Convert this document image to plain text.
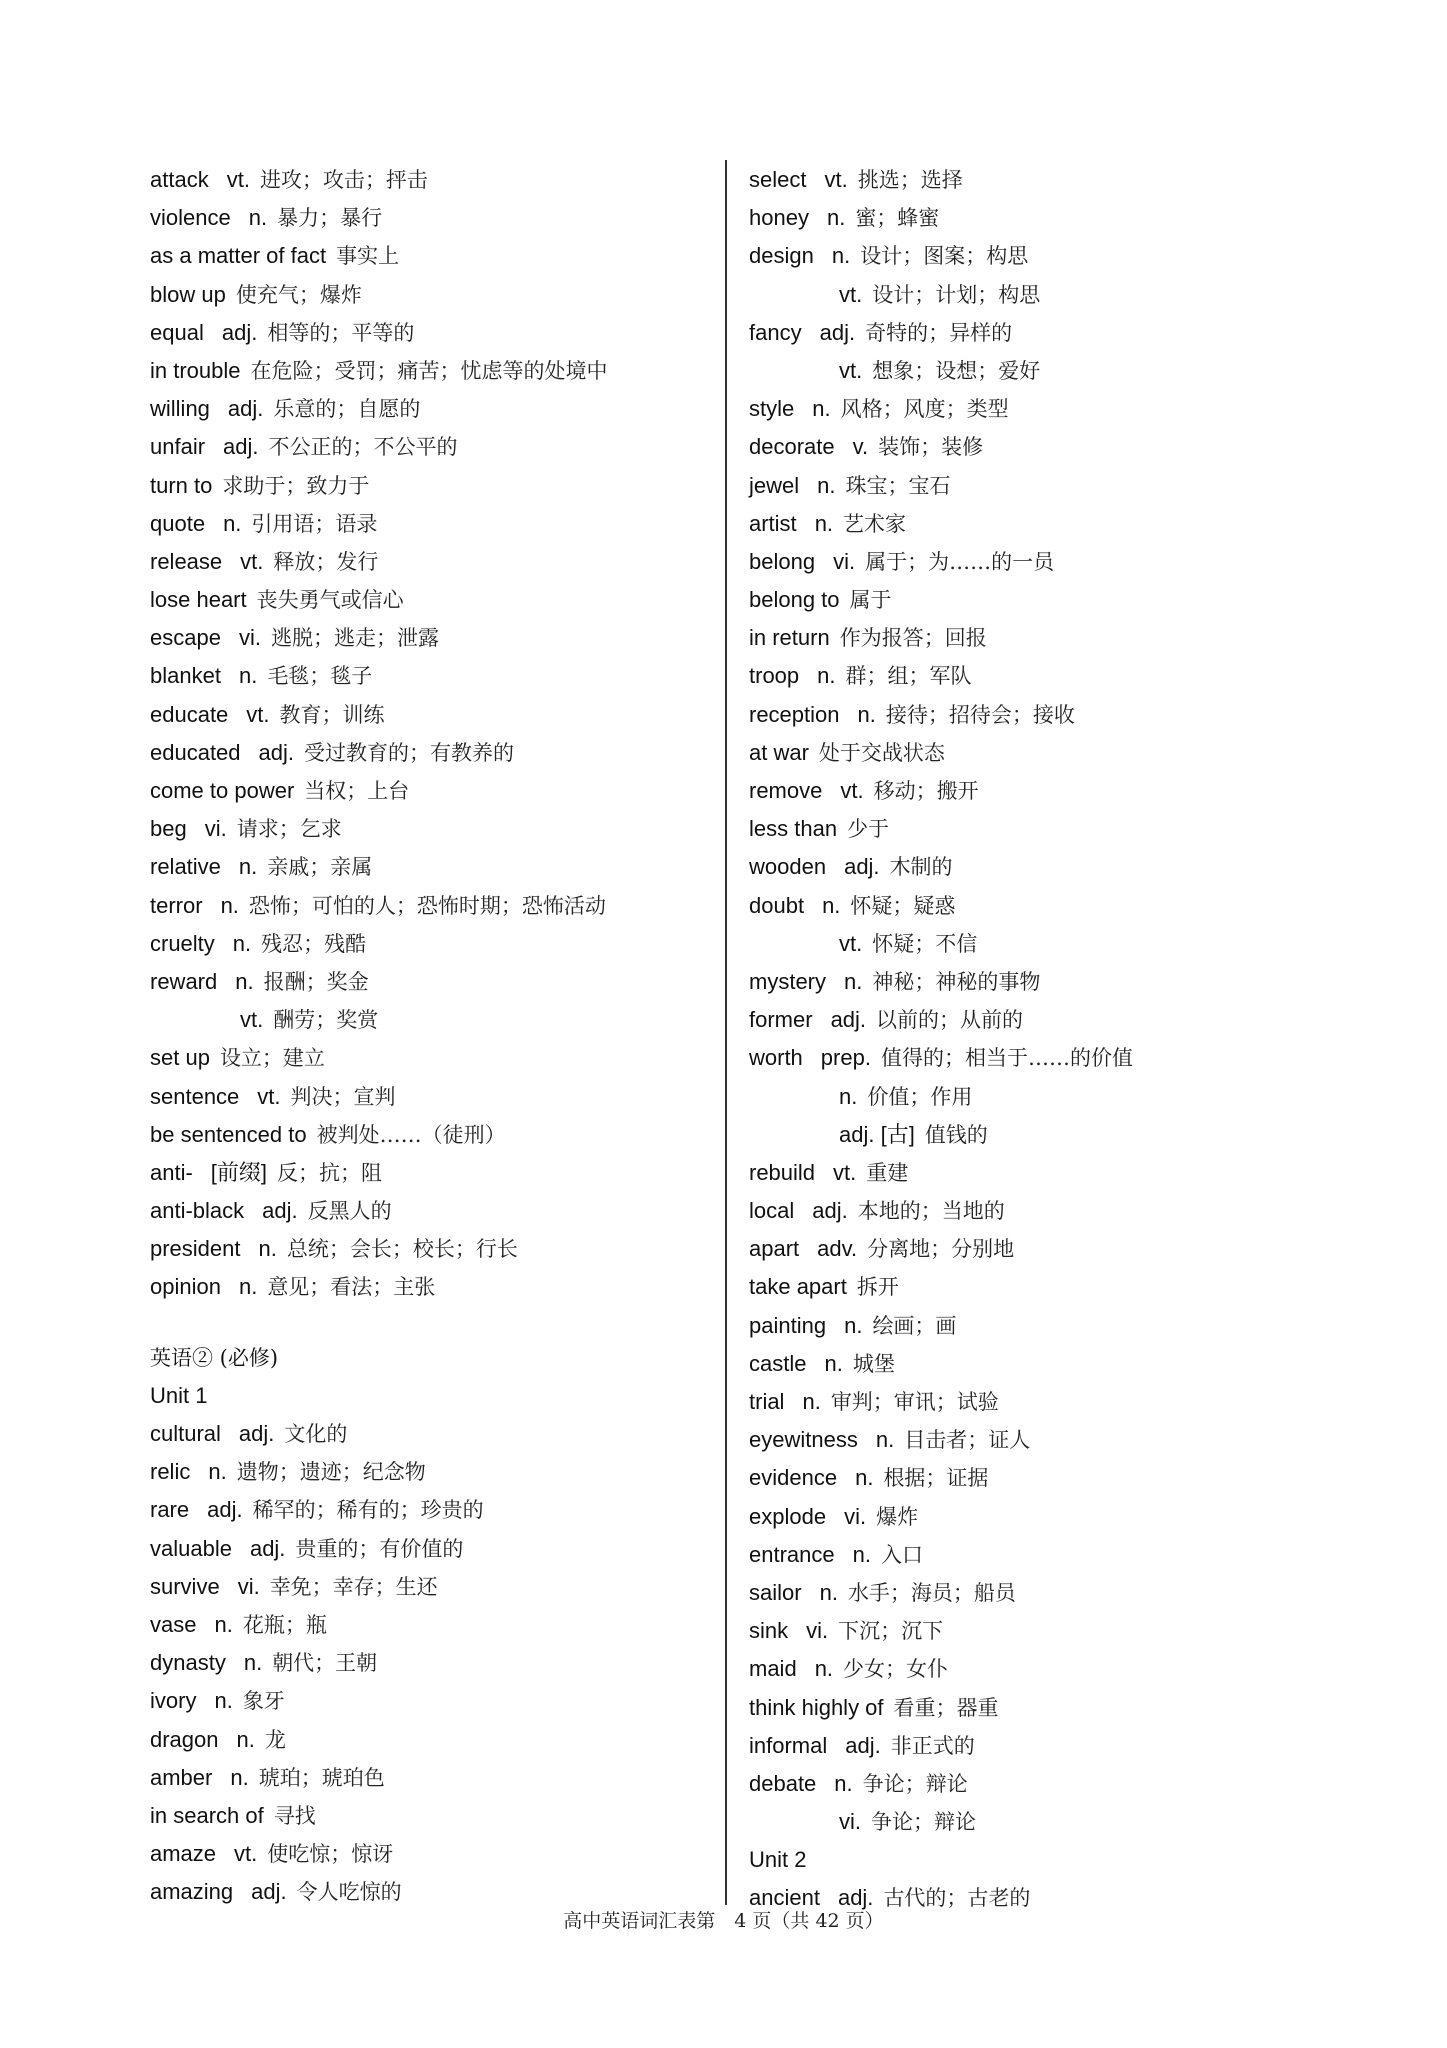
attack vt. 进攻；攻击；抨击
violence n. 暴力；暴行
as a matter of fact 事实上
blow up 使充气；爆炸
equal adj. 相等的；平等的
in trouble 在危险；受罚；痛苦；忧虑等的处境中
willing adj. 乐意的；自愿的
unfair adj. 不公正的；不公平的
turn to 求助于；致力于
quote n. 引用语；语录
release vt. 释放；发行
lose heart 丧失勇气或信心
escape vi. 逃脱；逃走；泄露
blanket n. 毛毯；毯子
educate vt. 教育；训练
educated adj. 受过教育的；有教养的
come to power 当权；上台
beg vi. 请求；乞求
relative n. 亲戚；亲属
terror n. 恐怖；可怕的人；恐怖时期；恐怖活动
cruelty n. 残忍；残酷
reward n. 报酬；奖金
vt. 酬劳；奖赏
set up 设立；建立
sentence vt. 判决；宣判
be sentenced to 被判处……（徒刑）
anti- [前缀] 反；抗；阻
anti-black adj. 反黑人的
president n. 总统；会长；校长；行长
opinion n. 意见；看法；主张
英语② (必修)
Unit 1
cultural adj. 文化的
relic n. 遗物；遗迹；纪念物
rare adj. 稀罕的；稀有的；珍贵的
valuable adj. 贵重的；有价值的
survive vi. 幸免；幸存；生还
vase n. 花瓶；瓶
dynasty n. 朝代；王朝
ivory n. 象牙
dragon n. 龙
amber n. 琥珀；琥珀色
in search of 寻找
amaze vt. 使吃惊；惊讶
amazing adj. 令人吃惊的
select vt. 挑选；选择
honey n. 蜜；蜂蜜
design n. 设计；图案；构思
vt. 设计；计划；构思
fancy adj. 奇特的；异样的
vt. 想象；设想；爱好
style n. 风格；风度；类型
decorate v. 装饰；装修
jewel n. 珠宝；宝石
artist n. 艺术家
belong vi. 属于；为……的一员
belong to 属于
in return 作为报答；回报
troop n. 群；组；军队
reception n. 接待；招待会；接收
at war 处于交战状态
remove vt. 移动；搬开
less than 少于
wooden adj. 木制的
doubt n. 怀疑；疑惑
vt. 怀疑；不信
mystery n. 神秘；神秘的事物
former adj. 以前的；从前的
worth prep. 值得的；相当于……的价值
n. 价值；作用
adj. [古] 值钱的
rebuild vt. 重建
local adj. 本地的；当地的
apart adv. 分离地；分别地
take apart 拆开
painting n. 绘画；画
castle n. 城堡
trial n. 审判；审讯；试验
eyewitness n. 目击者；证人
evidence n. 根据；证据
explode vi. 爆炸
entrance n. 入口
sailor n. 水手；海员；船员
sink vi. 下沉；沉下
maid n. 少女；女仆
think highly of 看重；器重
informal adj. 非正式的
debate n. 争论；辩论
vi. 争论；辩论
Unit 2
ancient adj. 古代的；古老的
高中英语词汇表第　4 页（共 42 页）
